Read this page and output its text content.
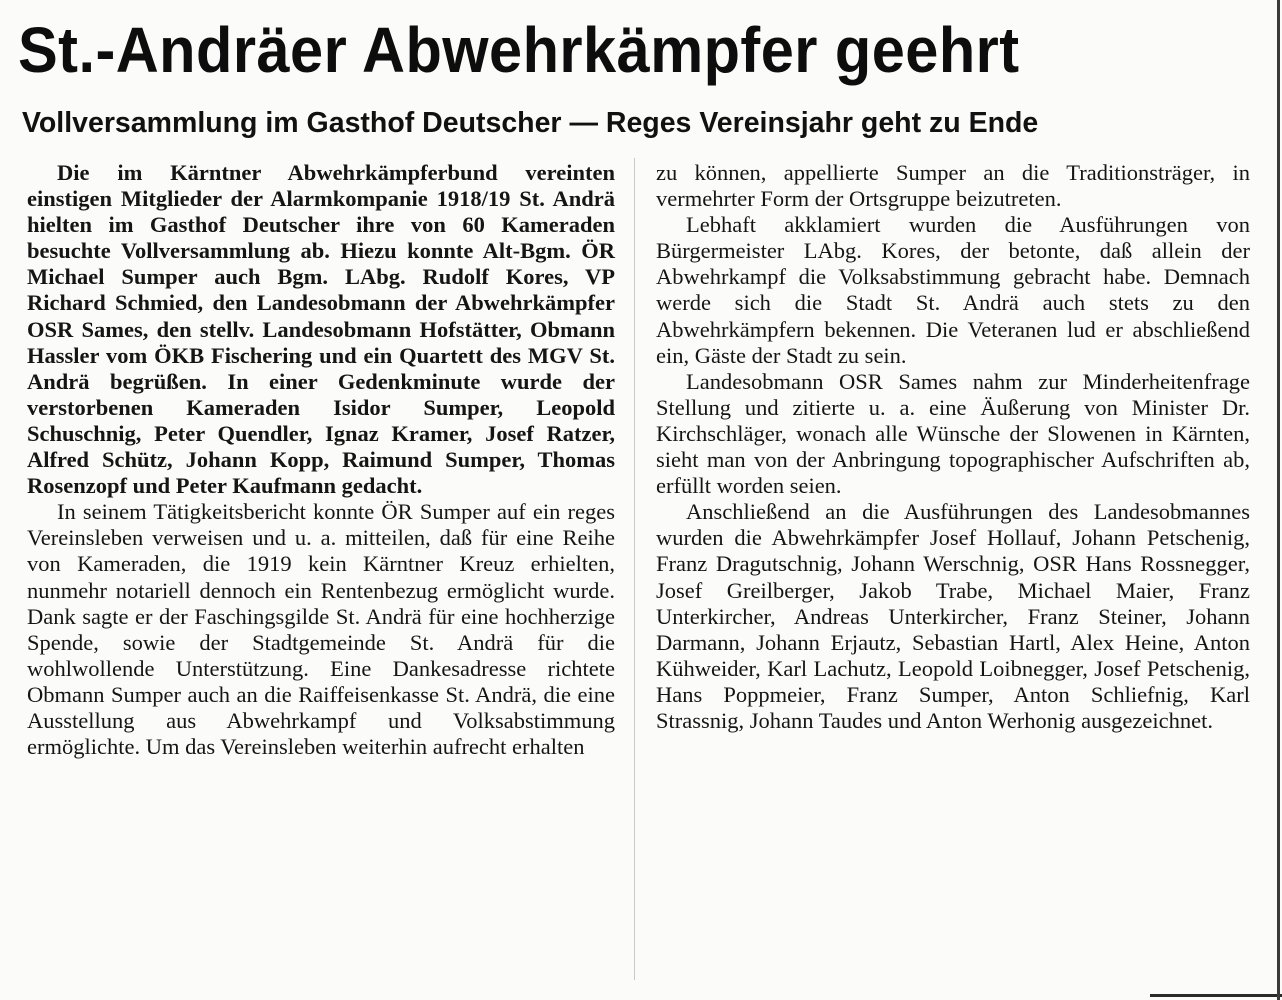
St.-Andräer Abwehrkämpfer geehrt
Vollversammlung im Gasthof Deutscher — Reges Vereinsjahr geht zu Ende

Die im Kärntner Abwehrkämpferbund vereinten einstigen Mitglieder der Alarmkompanie 1918/19 St. Andrä hielten im Gasthof Deutscher ihre von 60 Kameraden besuchte Vollversammlung ab. Hiezu konnte Alt-Bgm. ÖR Michael Sumper auch Bgm. LAbg. Rudolf Kores, VP Richard Schmied, den Landesobmann der Abwehrkämpfer OSR Sames, den stellv. Landesobmann Hofstätter, Obmann Hassler vom ÖKB Fischering und ein Quartett des MGV St. Andrä begrüßen. In einer Gedenkminute wurde der verstorbenen Kameraden Isidor Sumper, Leopold Schuschnig, Peter Quendler, Ignaz Kramer, Josef Ratzer, Alfred Schütz, Johann Kopp, Raimund Sumper, Thomas Rosenzopf und Peter Kaufmann gedacht.

In seinem Tätigkeitsbericht konnte ÖR Sumper auf ein reges Vereinsleben verweisen und u. a. mitteilen, daß für eine Reihe von Kameraden, die 1919 kein Kärntner Kreuz erhielten, nunmehr notariell dennoch ein Rentenbezug ermöglicht wurde. Dank sagte er der Faschingsgilde St. Andrä für eine hochherzige Spende, sowie der Stadtgemeinde St. Andrä für die wohlwollende Unterstützung. Eine Dankesadresse richtete Obmann Sumper auch an die Raiffeisenkasse St. Andrä, die eine Ausstellung aus Abwehrkampf und Volksabstimmung ermöglichte. Um das Vereinsleben weiterhin aufrecht erhalten

zu können, appellierte Sumper an die Traditionsträger, in vermehrter Form der Ortsgruppe beizutreten.

Lebhaft akklamiert wurden die Ausführungen von Bürgermeister LAbg. Kores, der betonte, daß allein der Abwehrkampf die Volksabstimmung gebracht habe. Demnach werde sich die Stadt St. Andrä auch stets zu den Abwehrkämpfern bekennen. Die Veteranen lud er abschließend ein, Gäste der Stadt zu sein.

Landesobmann OSR Sames nahm zur Minderheitenfrage Stellung und zitierte u. a. eine Äußerung von Minister Dr. Kirchschläger, wonach alle Wünsche der Slowenen in Kärnten, sieht man von der Anbringung topographischer Aufschriften ab, erfüllt worden seien.

Anschließend an die Ausführungen des Landesobmannes wurden die Abwehrkämpfer Josef Hollauf, Johann Petschenig, Franz Dragutschnig, Johann Werschnig, OSR Hans Rossnegger, Josef Greilberger, Jakob Trabe, Michael Maier, Franz Unterkircher, Andreas Unterkircher, Franz Steiner, Johann Darmann, Johann Erjautz, Sebastian Hartl, Alex Heine, Anton Kühweider, Karl Lachutz, Leopold Loibnegger, Josef Petschenig, Hans Poppmeier, Franz Sumper, Anton Schliefnig, Karl Strassnig, Johann Taudes und Anton Werhonig ausgezeichnet.
